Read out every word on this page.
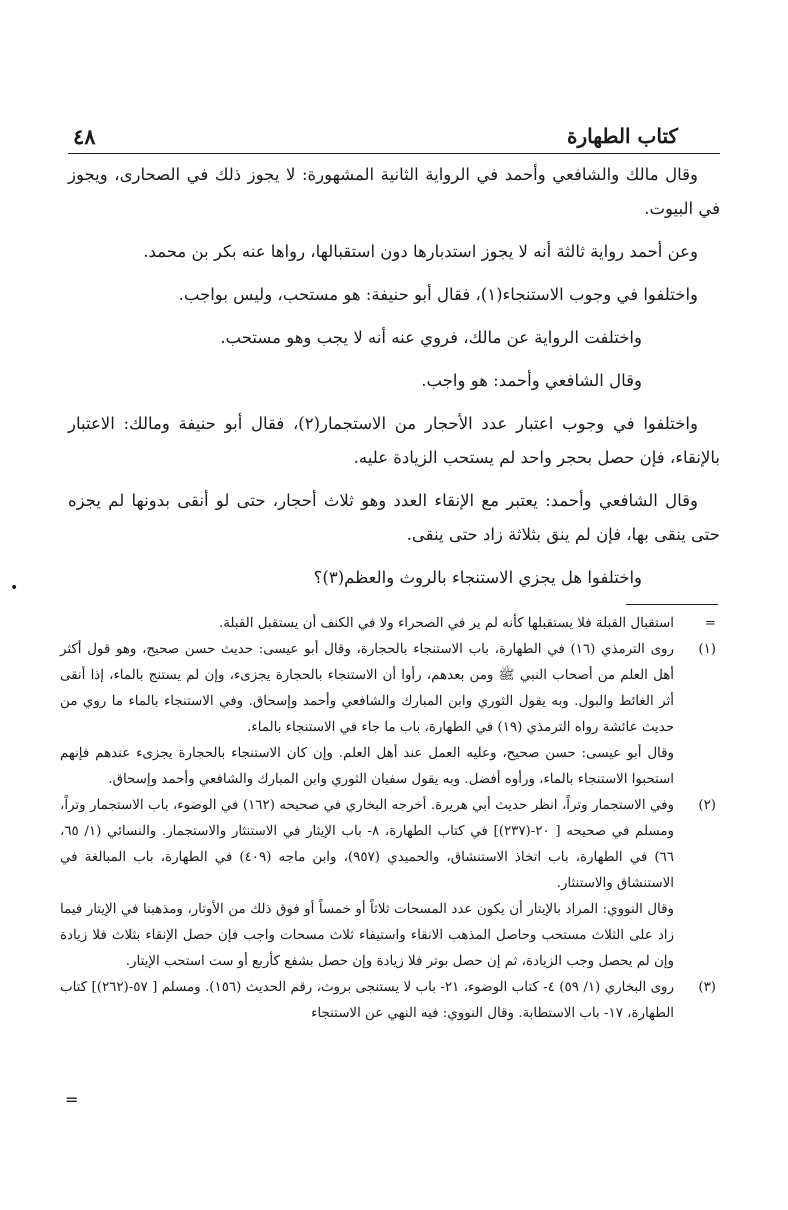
كتاب الطهارة
٤٨

وقال مالك والشافعي وأحمد في الرواية الثانية المشهورة: لا يجوز ذلك في الصحارى، ويجوز في البيوت.

وعن أحمد رواية ثالثة أنه لا يجوز استدبارها دون استقبالها، رواها عنه بكر بن محمد.

واختلفوا في وجوب الاستنجاء(١)، فقال أبو حنيفة: هو مستحب، وليس بواجب.

واختلفت الرواية عن مالك، فروي عنه أنه لا يجب وهو مستحب.

وقال الشافعي وأحمد: هو واجب.

واختلفوا في وجوب اعتبار عدد الأحجار من الاستجمار(٢)، فقال أبو حنيفة ومالك: الاعتبار بالإنقاء، فإن حصل بحجر واحد لم يستحب الزيادة عليه.

وقال الشافعي وأحمد: يعتبر مع الإنقاء العدد وهو ثلاث أحجار، حتى لو أنقى بدونها لم يجزه حتى ينقى بها، فإن لم ينق بثلاثة زاد حتى ينقى.

واختلفوا هل يجزي الاستنجاء بالروث والعظم(٣)؟

•
=
استقبال القبلة فلا يستقبلها كأنه لم ير في الصحراء ولا في الكنف أن يستقبل القبلة.
(١)
روى الترمذي (١٦) في الطهارة، باب الاستنجاء بالحجارة، وقال أبو عيسى: حديث حسن صحيح، وهو قول أكثر أهل العلم من أصحاب النبي ﷺ ومن بعدهم، رأوا أن الاستنجاء بالحجارة يجزىء، وإن لم يستنج بالماء، إذا أنقى أثر الغائط والبول. وبه يقول الثوري وابن المبارك والشافعي وأحمد وإسحاق. وفي الاستنجاء بالماء ما روي من حديث عائشة رواه الترمذي (١٩) في الطهارة، باب ما جاء في الاستنجاء بالماء.

وقال أبو عيسى: حسن صحيح، وعليه العمل عند أهل العلم. وإن كان الاستنجاء بالحجارة يجزىء عندهم فإنهم استحبوا الاستنجاء بالماء، ورأوه أفضل. وبه يقول سفيان الثوري وابن المبارك والشافعي وأحمد وإسحاق.

(٢)
وفي الاستجمار وتراً، انظر حديث أبي هريرة. أخرجه البخاري في صحيحه (١٦٢) في الوضوء، باب الاستجمار وتراً، ومسلم في صحيحه [ ٢٠-(٢٣٧)] في كتاب الطهارة، ٨- باب الإيثار في الاستنثار والاستجمار. والنسائي (١/ ٦٥، ٦٦) في الطهارة، باب اتخاذ الاستنشاق، والحميدي (٩٥٧)، وابن ماجه (٤٠٩) في الطهارة، باب المبالغة في الاستنشاق والاستنثار.

وقال النووي: المراد بالإيتار أن يكون عدد المسحات ثلاثاً أو خمساً أو فوق ذلك من الأوتار، ومذهبنا في الإيتار فيما زاد على الثلاث مستحب وحاصل المذهب الانقاء واستيفاء ثلاث مسحات واجب فإن حصل الإنقاء بثلاث فلا زيادة وإن لم يحصل وجب الزيادة، ثم إن حصل بوتر فلا زيادة وإن حصل بشفع كأربع أو ست استحب الإيتار.

(٣)
روى البخاري (١/ ٥٩) ٤- كتاب الوضوء، ٢١- باب لا يستنجى بروث، رقم الحديث (١٥٦). ومسلم [ ٥٧-(٢٦٢)] كتاب الطهارة، ١٧- باب الاستطابة. وقال النووي: فيه النهي عن الاستنجاء
=
